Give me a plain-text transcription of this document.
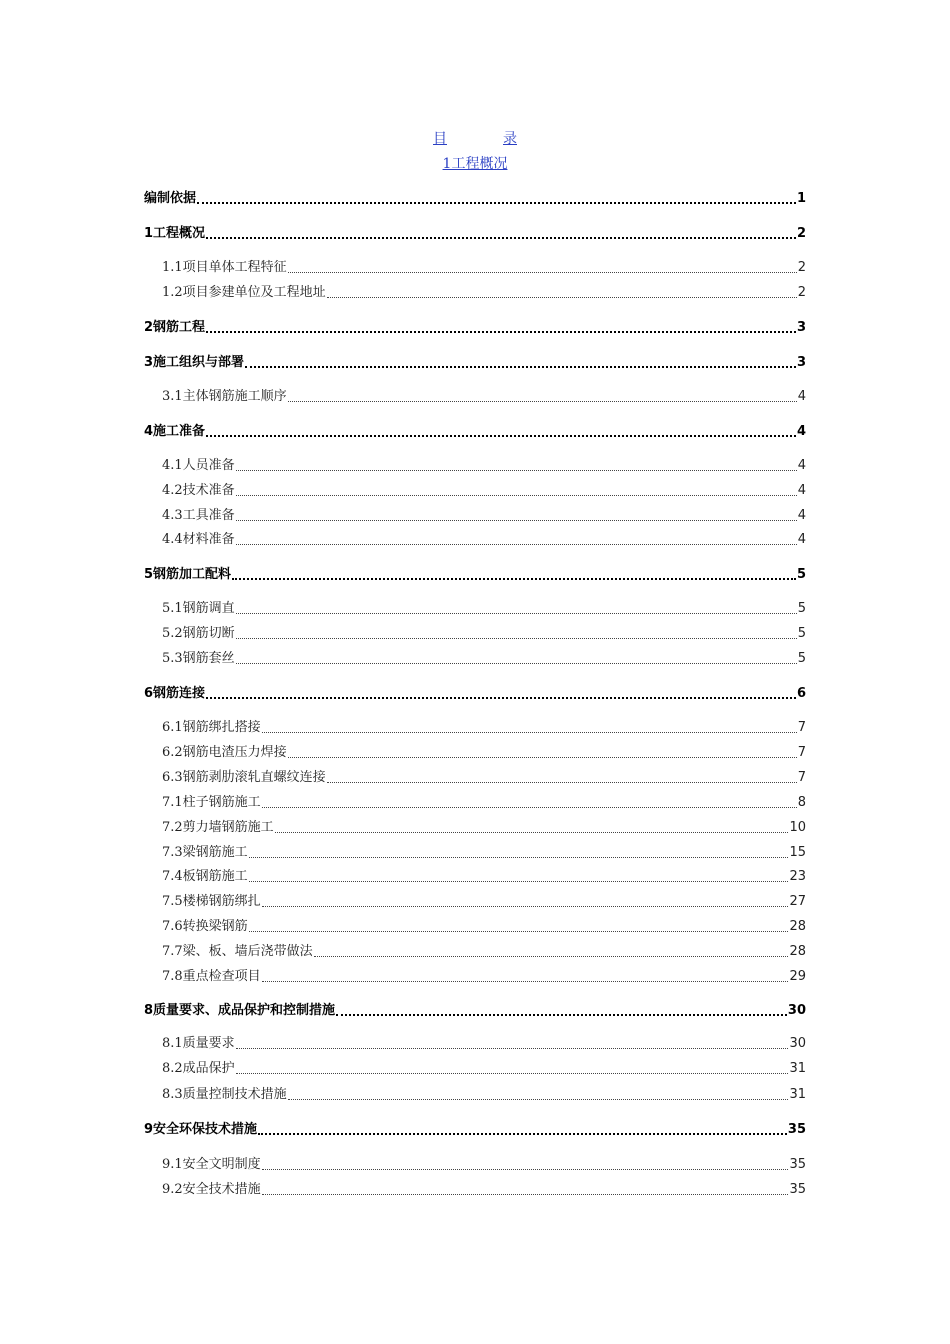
目	录
1工程概况
编制依据	1
1工程概况	2
1.1项目单体工程特征	2
1.2项目参建单位及工程地址	2
2钢筋工程	3
3施工组织与部署	3
3.1主体钢筋施工顺序	4
4施工准备	4
4.1人员准备	4
4.2技术准备	4
4.3工具准备	4
4.4材料准备	4
5钢筋加工配料	5
5.1钢筋调直	5
5.2钢筋切断	5
5.3钢筋套丝	5
6钢筋连接	6
6.1钢筋绑扎搭接	7
6.2钢筋电渣压力焊接	7
6.3钢筋剥肋滚轧直螺纹连接	7
7.1柱子钢筋施工	8
7.2剪力墙钢筋施工	10
7.3梁钢筋施工	15
7.4板钢筋施工	23
7.5楼梯钢筋绑扎	27
7.6转换梁钢筋	28
7.7梁、板、墙后浇带做法	28
7.8重点检查项目	29
8质量要求、成品保护和控制措施	30
8.1质量要求	30
8.2成品保护	31
8.3质量控制技术措施	31
9安全环保技术措施	35
9.1安全文明制度	35
9.2安全技术措施	35
